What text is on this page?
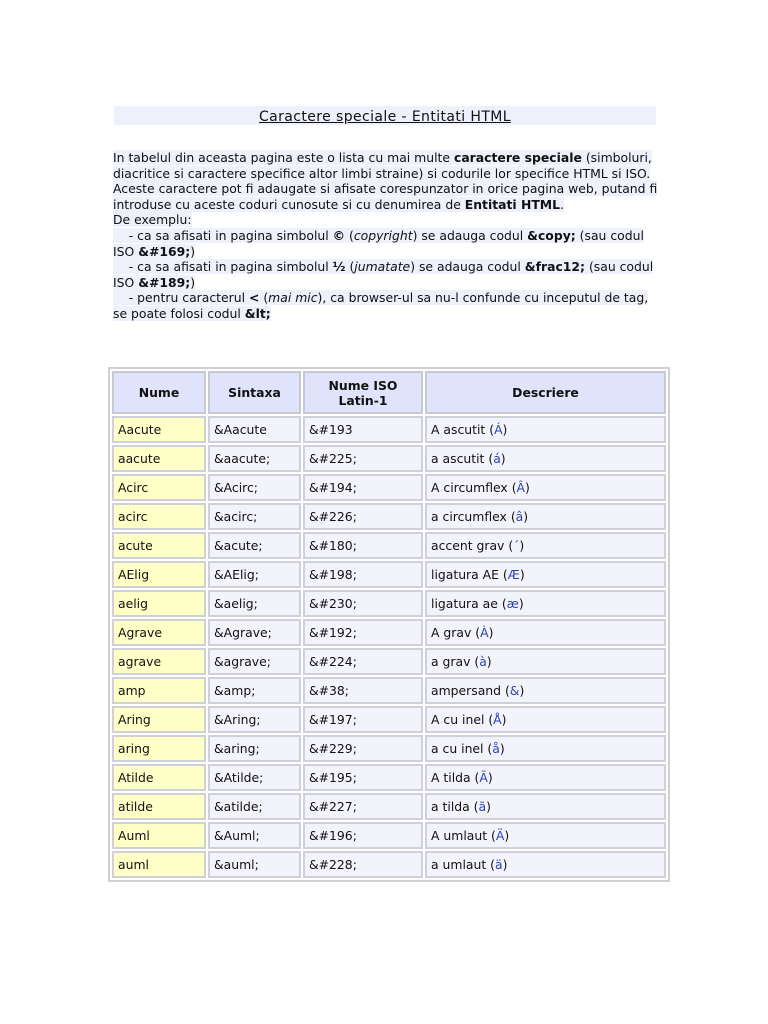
Caractere speciale - Entitati HTML
In tabelul din aceasta pagina este o lista cu mai multe caractere speciale (simboluri, diacritice si caractere specifice altor limbi straine) si codurile lor specifice HTML si ISO.
Aceste caractere pot fi adaugate si afisate corespunzator in orice pagina web, putand fi introduse cu aceste coduri cunosute si cu denumirea de Entitati HTML.
De exemplu:
- ca sa afisati in pagina simbolul © (copyright) se adauga codul &copy; (sau codul ISO &#169;)
- ca sa afisati in pagina simbolul ½ (jumatate) se adauga codul &frac12; (sau codul ISO &#189;)
- pentru caracterul < (mai mic), ca browser-ul sa nu-l confunde cu inceputul de tag, se poate folosi codul &lt;
Nume	Sintaxa	Nume ISO Latin-1	Descriere
Aacute	&Aacute	&#193	A ascutit (Á)
aacute	&aacute;	&#225;	a ascutit (á)
Acirc	&Acirc;	&#194;	A circumflex (Â)
acirc	&acirc;	&#226;	a circumflex (â)
acute	&acute;	&#180;	accent grav (´)
AElig	&AElig;	&#198;	ligatura AE (Æ)
aelig	&aelig;	&#230;	ligatura ae (æ)
Agrave	&Agrave;	&#192;	A grav (À)
agrave	&agrave;	&#224;	a grav (à)
amp	&amp;	&#38;	ampersand (&)
Aring	&Aring;	&#197;	A cu inel (Å)
aring	&aring;	&#229;	a cu inel (å)
Atilde	&Atilde;	&#195;	A tilda (Ã)
atilde	&atilde;	&#227;	a tilda (ã)
Auml	&Auml;	&#196;	A umlaut (Ä)
auml	&auml;	&#228;	a umlaut (ä)
